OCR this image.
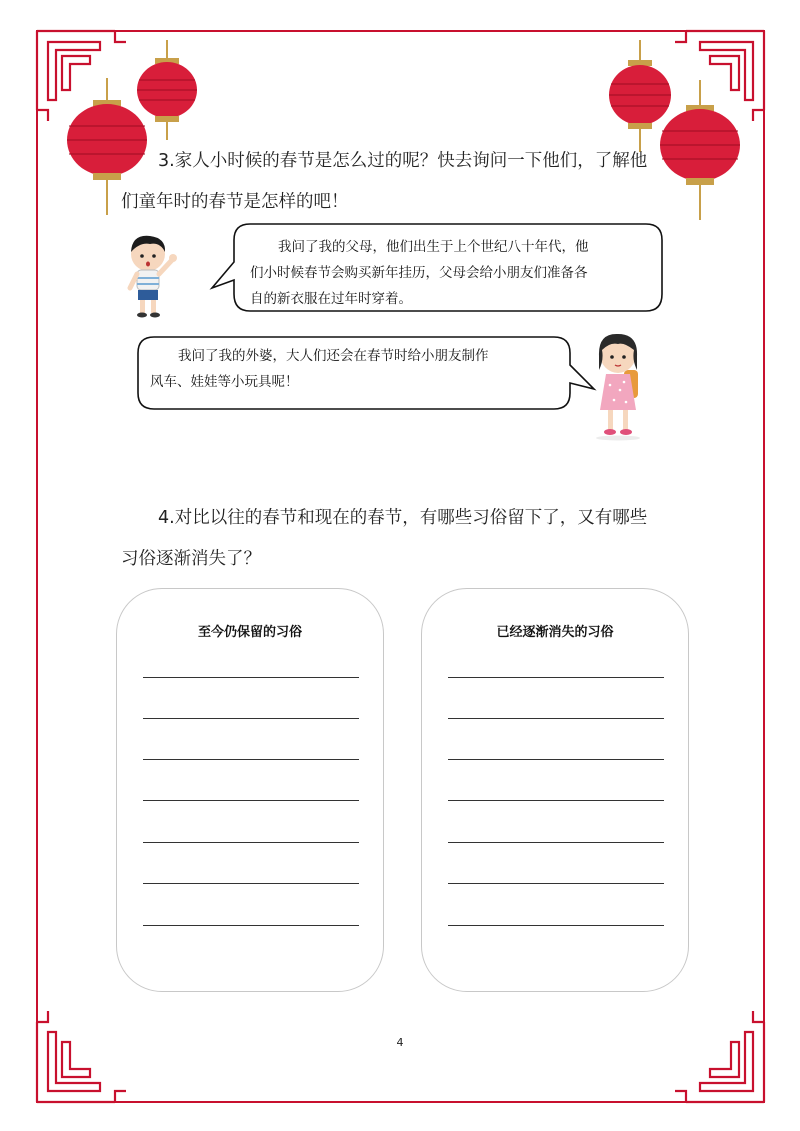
3.家人小时候的春节是怎么过的呢？快去询问一下他们，了解他
们童年时的春节是怎样的吧！
我问了我的父母，他们出生于上个世纪八十年代，他
们小时候春节会购买新年挂历，父母会给小朋友们准备各
自的新衣服在过年时穿着。
我问了我的外婆，大人们还会在春节时给小朋友制作
风车、娃娃等小玩具呢！
4.对比以往的春节和现在的春节，有哪些习俗留下了，又有哪些
习俗逐渐消失了？
至今仍保留的习俗	已经逐渐消失的习俗
4
